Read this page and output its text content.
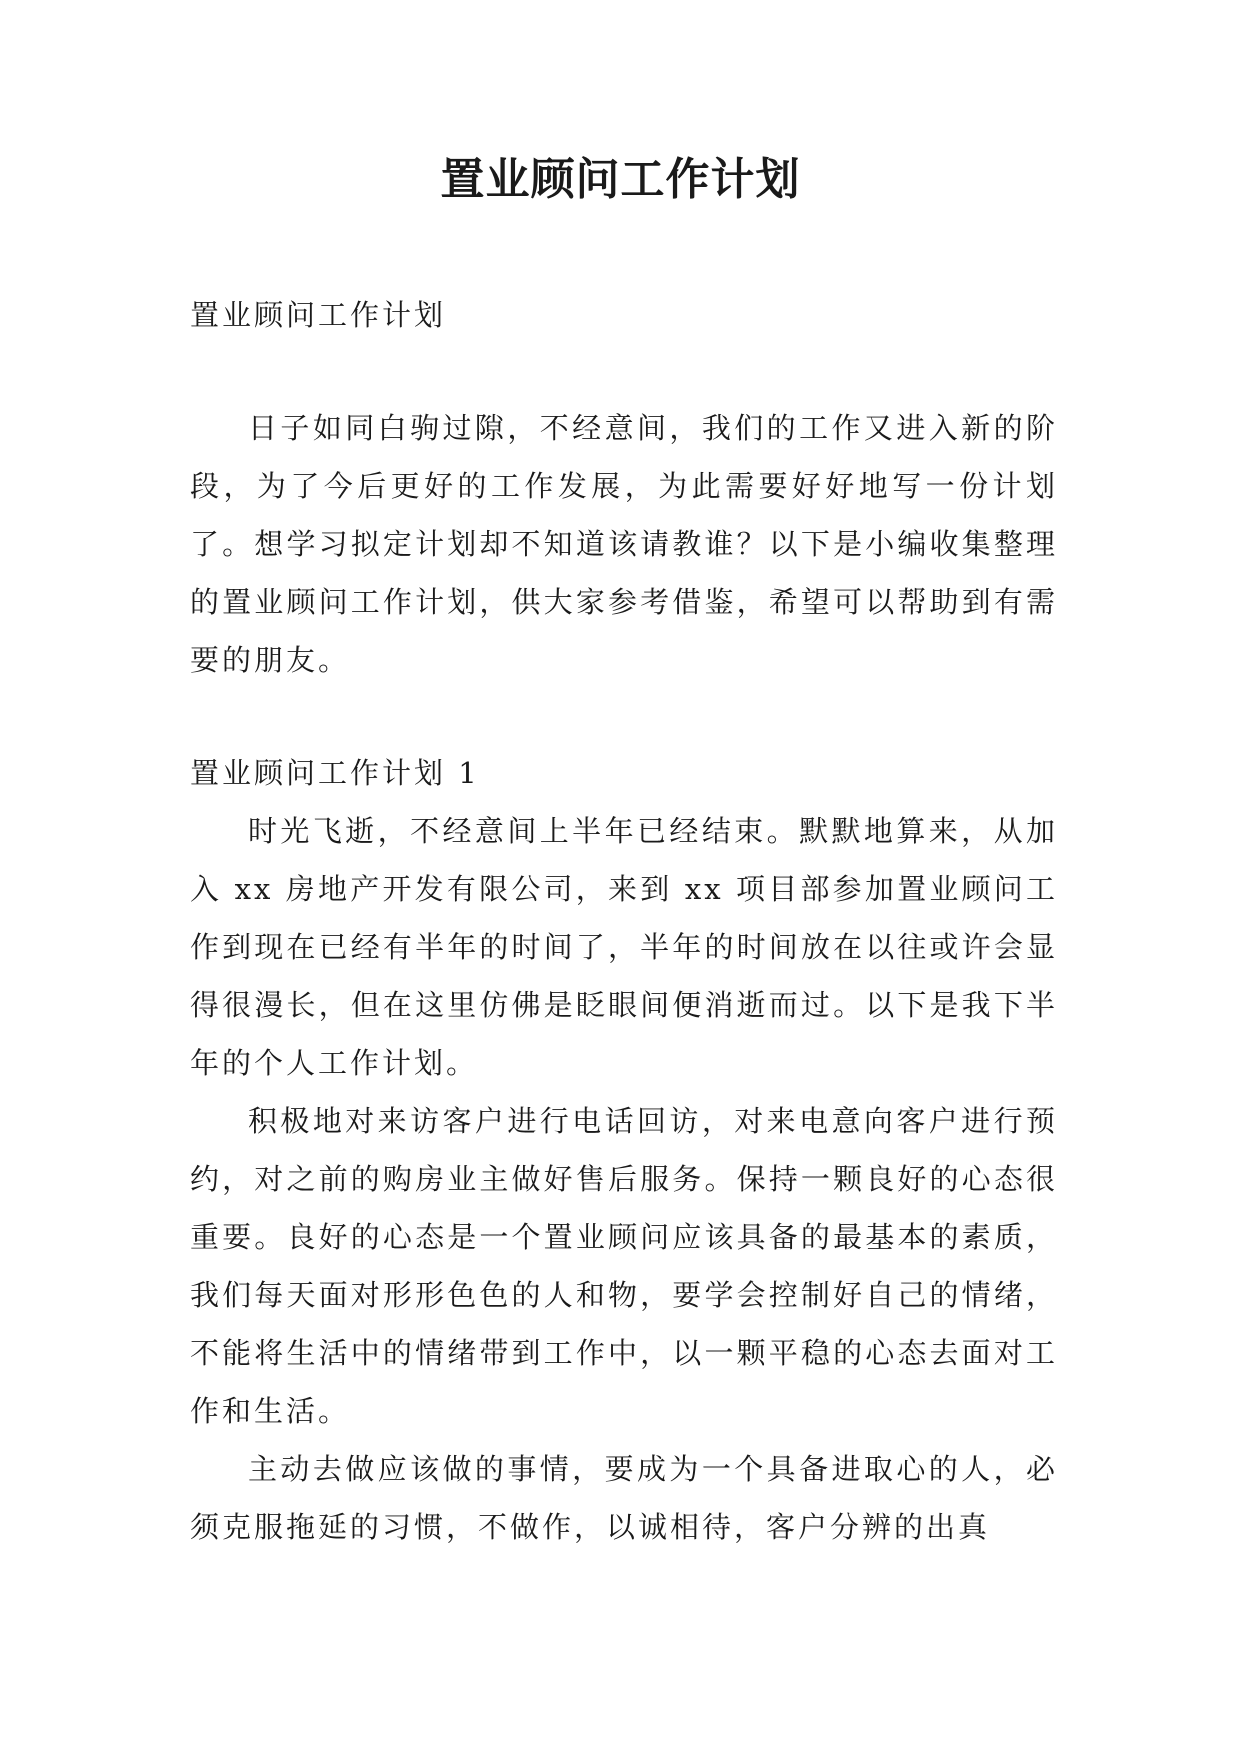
置业顾问工作计划

置业顾问工作计划

日子如同白驹过隙，不经意间，我们的工作又进入新的阶段，为了今后更好的工作发展，为此需要好好地写一份计划了。想学习拟定计划却不知道该请教谁？以下是小编收集整理的置业顾问工作计划，供大家参考借鉴，希望可以帮助到有需要的朋友。

置业顾问工作计划 1

时光飞逝，不经意间上半年已经结束。默默地算来，从加入 xx 房地产开发有限公司，来到 xx 项目部参加置业顾问工作到现在已经有半年的时间了，半年的时间放在以往或许会显得很漫长，但在这里仿佛是眨眼间便消逝而过。以下是我下半年的个人工作计划。

积极地对来访客户进行电话回访，对来电意向客户进行预约，对之前的购房业主做好售后服务。保持一颗良好的心态很重要。良好的心态是一个置业顾问应该具备的最基本的素质，我们每天面对形形色色的人和物，要学会控制好自己的情绪，不能将生活中的情绪带到工作中，以一颗平稳的心态去面对工作和生活。

主动去做应该做的事情，要成为一个具备进取心的人，必须克服拖延的习惯，不做作，以诚相待，客户分辨的出真
